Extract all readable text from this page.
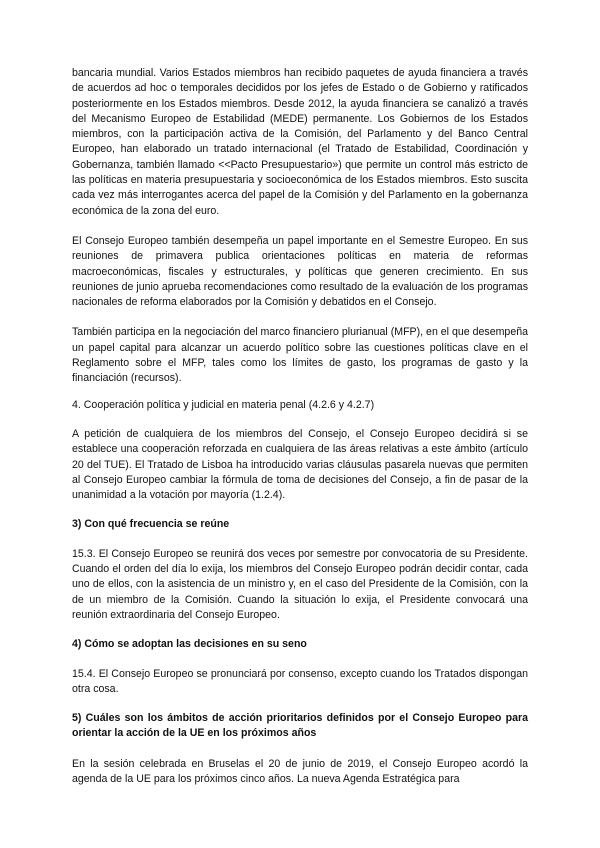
bancaria mundial. Varios Estados miembros han recibido paquetes de ayuda financiera a través de acuerdos ad hoc o temporales decididos por los jefes de Estado o de Gobierno y ratificados posteriormente en los Estados miembros. Desde 2012, la ayuda financiera se canalizó a través del Mecanismo Europeo de Estabilidad (MEDE) permanente. Los Gobiernos de los Estados miembros, con la participación activa de la Comisión, del Parlamento y del Banco Central Europeo, han elaborado un tratado internacional (el Tratado de Estabilidad, Coordinación y Gobernanza, también llamado <<Pacto Presupuestario») que permite un control más estricto de las políticas en materia presupuestaria y socioeconómica de los Estados miembros. Esto suscita cada vez más interrogantes acerca del papel de la Comisión y del Parlamento en la gobernanza económica de la zona del euro.

El Consejo Europeo también desempeña un papel importante en el Semestre Europeo. En sus reuniones de primavera publica orientaciones políticas en materia de reformas macroeconómicas, fiscales y estructurales, y políticas que generen crecimiento. En sus reuniones de junio aprueba recomendaciones como resultado de la evaluación de los programas nacionales de reforma elaborados por la Comisión y debatidos en el Consejo.

También participa en la negociación del marco financiero plurianual (MFP), en el que desempeña un papel capital para alcanzar un acuerdo político sobre las cuestiones políticas clave en el Reglamento sobre el MFP, tales como los límites de gasto, los programas de gasto y la financiación (recursos).

4. Cooperación política y judicial en materia penal (4.2.6 y 4.2.7)

A petición de cualquiera de los miembros del Consejo, el Consejo Europeo decidirá si se establece una cooperación reforzada en cualquiera de las áreas relativas a este ámbito (artículo 20 del TUE). El Tratado de Lisboa ha introducido varias cláusulas pasarela nuevas que permiten al Consejo Europeo cambiar la fórmula de toma de decisiones del Consejo, a fin de pasar de la unanimidad a la votación por mayoría (1.2.4).

3) Con qué frecuencia se reúne

15.3. El Consejo Europeo se reunirá dos veces por semestre por convocatoria de su Presidente. Cuando el orden del día lo exija, los miembros del Consejo Europeo podrán decidir contar, cada uno de ellos, con la asistencia de un ministro y, en el caso del Presidente de la Comisión, con la de un miembro de la Comisión. Cuando la situación lo exija, el Presidente convocará una reunión extraordinaria del Consejo Europeo.

4) Cómo se adoptan las decisiones en su seno

15.4. El Consejo Europeo se pronunciará por consenso, excepto cuando los Tratados dispongan otra cosa.

5) Cuáles son los ámbitos de acción prioritarios definidos por el Consejo Europeo para orientar la acción de la UE en los próximos años

En la sesión celebrada en Bruselas el 20 de junio de 2019, el Consejo Europeo acordó la agenda de la UE para los próximos cinco años. La nueva Agenda Estratégica para
